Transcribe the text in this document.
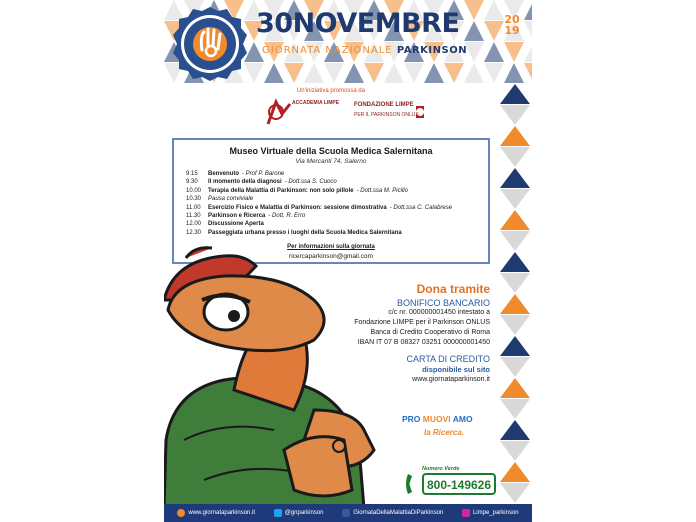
30NOVEMBRE	20
19
GIORNATA NAZIONALE PARKINSON
Un'iniziativa promossa da
ACCADEMIA LIMPE FONDAZIONE LIMPE
PER IL PARKINSON ONLUS
Museo Virtuale della Scuola Medica Salernitana
Via Mercanti 74, Salerno
9.15	Benvenuto - Prof P. Barone
9.30	Il momento della diagnosi - Dott.ssa S. Cuoco
10.00	Terapia della Malattia di Parkinson: non solo pillole - Dott.ssa M. Picillo
10.30	Pausa conviviale
11.00	Esercizio Fisico e Malattia di Parkinson: sessione dimostrativa - Dott.ssa C. Calabrese
11.30	Parkinson e Ricerca - Dott. R. Erro
12.00	Discussione Aperta
12.30	Passeggiata urbana presso i luoghi della Scuola Medica Salernitana
Per informazioni sulla giornata
ricercaparkinson@gmail.com
Dona tramite
BONIFICO BANCARIO
c/c nr. 000000001450 intestato a
Fondazione LIMPE per il Parkinson ONLUS
Banca di Credito Cooperativo di Roma
IBAN IT 07 B 08327 03251 000000001450
CARTA DI CREDITO
disponibile sul sito
www.giornataparkinson.it
PRO MUOVI AMO
la Ricerca.
Numero Verde
800-149626
www.giornataparkinson.it	@gnparkinson	GiornataDellaMalattiaDiParkinson	Limpe_parkinson
